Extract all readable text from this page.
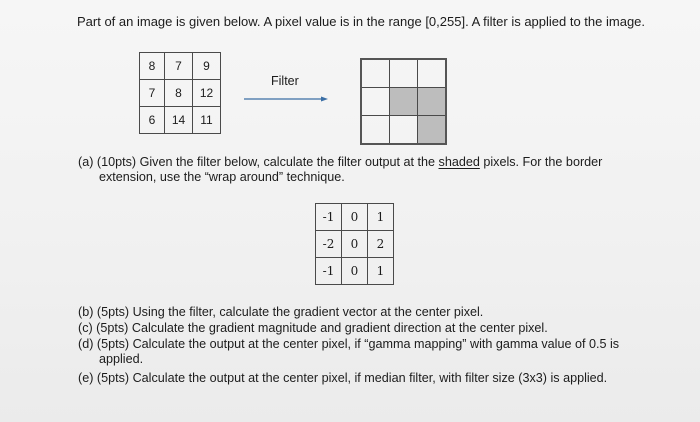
Part of an image is given below. A pixel value is in the range [0,255]. A filter is applied to the image.
8	7	9
7	8	12
6	14	11
Filter

(a) (10pts) Given the filter below, calculate the filter output at the shaded pixels. For the border
extension, use the “wrap around” technique.
-1	0	1
-2	0	2
-1	0	1
(b) (5pts) Using the filter, calculate the gradient vector at the center pixel.
(c) (5pts) Calculate the gradient magnitude and gradient direction at the center pixel.
(d) (5pts) Calculate the output at the center pixel, if “gamma mapping” with gamma value of 0.5 is
applied.
(e) (5pts) Calculate the output at the center pixel, if median filter, with filter size (3x3) is applied.
